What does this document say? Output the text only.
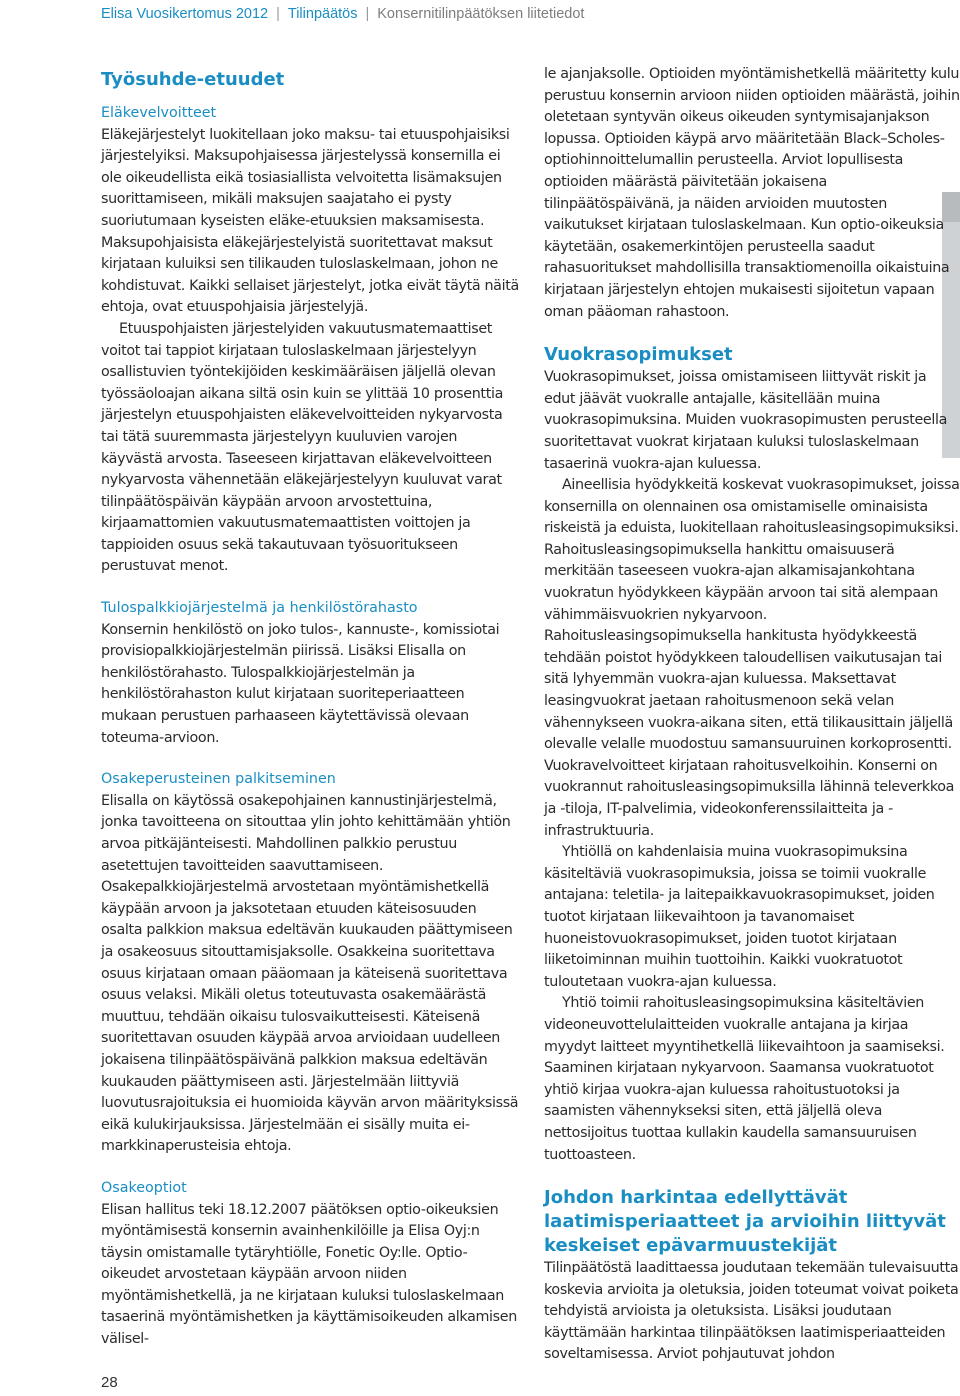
Elisa Vuosikertomus 2012 | Tilinpäätös | Konsernitilinpäätöksen liitetiedot
Työsuhde-etuudet
Eläkevelvoitteet

Eläkejärjestelyt luokitellaan joko maksu- tai etuuspohjaisiksi järjestelyiksi. Maksupohjaisessa järjestelyssä konsernilla ei ole oikeudellista eikä tosiasiallista velvoitetta lisämaksujen suorittamiseen, mikäli maksujen saajataho ei pysty suoriutumaan kyseisten eläke-etuuksien maksamisesta. Maksupohjaisista eläkejärjestelyistä suoritettavat maksut kirjataan kuluiksi sen tilikauden tuloslaskelmaan, johon ne kohdistuvat. Kaikki sellaiset järjestelyt, jotka eivät täytä näitä ehtoja, ovat etuuspohjaisia järjestelyjä.

Etuuspohjaisten järjestelyiden vakuutusmatemaattiset voitot tai tappiot kirjataan tuloslaskelmaan järjestelyyn osallistuvien työntekijöiden keskimääräisen jäljellä olevan työssäoloajan aikana siltä osin kuin se ylittää 10 prosenttia järjestelyn etuuspohjaisten eläkevelvoitteiden nykyarvosta tai tätä suuremmasta järjestelyyn kuuluvien varojen käyvästä arvosta. Taseeseen kirjattavan eläkevelvoitteen nykyarvosta vähennetään eläkejärjestelyyn kuuluvat varat tilinpäätöspäivän käypään arvoon arvostettuina, kirjaamattomien vakuutusmatemaattisten voittojen ja tappioiden osuus sekä takautuvaan työsuoritukseen perustuvat menot.

Tulospalkkiojärjestelmä ja henkilöstörahasto

Konsernin henkilöstö on joko tulos-, kannuste-, komissiotai provisiopalkkiojärjestelmän piirissä. Lisäksi Elisalla on henkilöstörahasto. Tulospalkkiojärjestelmän ja henkilöstörahaston kulut kirjataan suoriteperiaatteen mukaan perustuen parhaaseen käytettävissä olevaan toteuma-arvioon.

Osakeperusteinen palkitseminen

Elisalla on käytössä osakepohjainen kannustinjärjestelmä, jonka tavoitteena on sitouttaa ylin johto kehittämään yhtiön arvoa pitkäjänteisesti. Mahdollinen palkkio perustuu asetettujen tavoitteiden saavuttamiseen. Osakepalkkiojärjestelmä arvostetaan myöntämishetkellä käypään arvoon ja jaksotetaan etuuden käteisosuuden osalta palkkion maksua edeltävän kuukauden päättymiseen ja osakeosuus sitouttamisjaksolle. Osakkeina suoritettava osuus kirjataan omaan pääomaan ja käteisenä suoritettava osuus velaksi. Mikäli oletus toteutuvasta osakemäärästä muuttuu, tehdään oikaisu tulosvaikutteisesti. Käteisenä suoritettavan osuuden käypää arvoa arvioidaan uudelleen jokaisena tilinpäätöspäivänä palkkion maksua edeltävän kuukauden päättymiseen asti. Järjestelmään liittyviä luovutusrajoituksia ei huomioida käyvän arvon määrityksissä eikä kulukirjauksissa. Järjestelmään ei sisälly muita ei-markkinaperusteisia ehtoja.

Osakeoptiot

Elisan hallitus teki 18.12.2007 päätöksen optio-oikeuksien myöntämisestä konsernin avainhenkilöille ja Elisa Oyj:n täysin omistamalle tytäryhtiölle, Fonetic Oy:lle. Optio-oikeudet arvostetaan käypään arvoon niiden myöntämishetkellä, ja ne kirjataan kuluksi tuloslaskelmaan tasaerinä myöntämishetken ja käyttämisoikeuden alkamisen välisel-

le ajanjaksolle. Optioiden myöntämishetkellä määritetty kulu perustuu konsernin arvioon niiden optioiden määrästä, joihin oletetaan syntyvän oikeus oikeuden syntymisajanjakson lopussa. Optioiden käypä arvo määritetään Black–Scholes-optiohinnoittelumallin perusteella. Arviot lopullisesta optioiden määrästä päivitetään jokaisena tilinpäätöspäivänä, ja näiden arvioiden muutosten vaikutukset kirjataan tuloslaskelmaan. Kun optio-oikeuksia käytetään, osakemerkintöjen perusteella saadut rahasuoritukset mahdollisilla transaktiomenoilla oikaistuina kirjataan järjestelyn ehtojen mukaisesti sijoitetun vapaan oman pääoman rahastoon.

Vuokrasopimukset

Vuokrasopimukset, joissa omistamiseen liittyvät riskit ja edut jäävät vuokralle antajalle, käsitellään muina vuokrasopimuksina. Muiden vuokrasopimusten perusteella suoritettavat vuokrat kirjataan kuluksi tuloslaskelmaan tasaerinä vuokra-ajan kuluessa.

Aineellisia hyödykkeitä koskevat vuokrasopimukset, joissa konsernilla on olennainen osa omistamiselle ominaisista riskeistä ja eduista, luokitellaan rahoitusleasingsopimuksiksi. Rahoitusleasingsopimuksella hankittu omaisuuserä merkitään taseeseen vuokra-ajan alkamisajankohtana vuokratun hyödykkeen käypään arvoon tai sitä alempaan vähimmäisvuokrien nykyarvoon. Rahoitusleasingsopimuksella hankitusta hyödykkeestä tehdään poistot hyödykkeen taloudellisen vaikutusajan tai sitä lyhyemmän vuokra-ajan kuluessa. Maksettavat leasingvuokrat jaetaan rahoitusmenoon sekä velan vähennykseen vuokra-aikana siten, että tilikausittain jäljellä olevalle velalle muodostuu samansuuruinen korkoprosentti. Vuokravelvoitteet kirjataan rahoitusvelkoihin. Konserni on vuokrannut rahoitusleasingsopimuksilla lähinnä televerkkoa ja -tiloja, IT-palvelimia, videokonferenssilaitteita ja -infrastruktuuria.

Yhtiöllä on kahdenlaisia muina vuokrasopimuksina käsiteltäviä vuokrasopimuksia, joissa se toimii vuokralle antajana: teletila- ja laitepaikkavuokrasopimukset, joiden tuotot kirjataan liikevaihtoon ja tavanomaiset huoneistovuokrasopimukset, joiden tuotot kirjataan liiketoiminnan muihin tuottoihin. Kaikki vuokratuotot tuloutetaan vuokra-ajan kuluessa.

Yhtiö toimii rahoitusleasingsopimuksina käsiteltävien videoneuvottelulaitteiden vuokralle antajana ja kirjaa myydyt laitteet myyntihetkellä liikevaihtoon ja saamiseksi. Saaminen kirjataan nykyarvoon. Saamansa vuokratuotot yhtiö kirjaa vuokra-ajan kuluessa rahoitustuotoksi ja saamisten vähennykseksi siten, että jäljellä oleva nettosijoitus tuottaa kullakin kaudella samansuuruisen tuottoasteen.

Johdon harkintaa edellyttävät laatimisperiaatteet ja arvioihin liittyvät keskeiset epävarmuustekijät

Tilinpäätöstä laadittaessa joudutaan tekemään tulevaisuutta koskevia arvioita ja oletuksia, joiden toteumat voivat poiketa tehdyistä arvioista ja oletuksista. Lisäksi joudutaan käyttämään harkintaa tilinpäätöksen laatimisperiaatteiden soveltamisessa. Arviot pohjautuvat johdon

28
